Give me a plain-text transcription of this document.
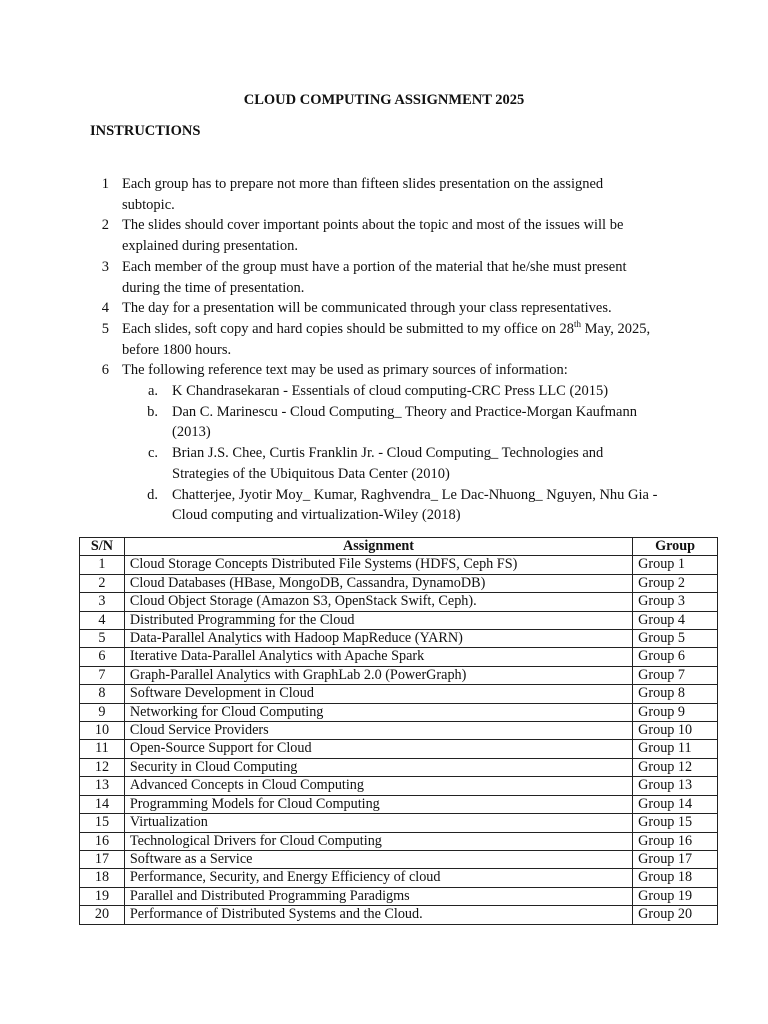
CLOUD COMPUTING ASSIGNMENT 2025
INSTRUCTIONS
1 Each group has to prepare not more than fifteen slides presentation on the assigned subtopic.
2 The slides should cover important points about the topic and most of the issues will be explained during presentation.
3 Each member of the group must have a portion of the material that he/she must present during the time of presentation.
4 The day for a presentation will be communicated through your class representatives.
5 Each slides, soft copy and hard copies should be submitted to my office on 28th May, 2025, before 1800 hours.
6 The following reference text may be used as primary sources of information:
a. K Chandrasekaran - Essentials of cloud computing-CRC Press LLC (2015)
b. Dan C. Marinescu - Cloud Computing_ Theory and Practice-Morgan Kaufmann (2013)
c. Brian J.S. Chee, Curtis Franklin Jr. - Cloud Computing_ Technologies and Strategies of the Ubiquitous Data Center (2010)
d. Chatterjee, Jyotir Moy_ Kumar, Raghvendra_ Le Dac-Nhuong_ Nguyen, Nhu Gia - Cloud computing and virtualization-Wiley (2018)
S/N	Assignment	Group
1	Cloud Storage Concepts Distributed File Systems (HDFS, Ceph FS)	Group 1
2	Cloud Databases (HBase, MongoDB, Cassandra, DynamoDB)	Group 2
3	Cloud Object Storage (Amazon S3, OpenStack Swift, Ceph).	Group 3
4	Distributed Programming for the Cloud	Group 4
5	Data-Parallel Analytics with Hadoop MapReduce (YARN)	Group 5
6	Iterative Data-Parallel Analytics with Apache Spark	Group 6
7	Graph-Parallel Analytics with GraphLab 2.0 (PowerGraph)	Group 7
8	Software Development in Cloud	Group 8
9	Networking for Cloud Computing	Group 9
10	Cloud Service Providers	Group 10
11	Open-Source Support for Cloud	Group 11
12	Security in Cloud Computing	Group 12
13	Advanced Concepts in Cloud Computing	Group 13
14	Programming Models for Cloud Computing	Group 14
15	Virtualization	Group 15
16	Technological Drivers for Cloud Computing	Group 16
17	Software as a Service	Group 17
18	Performance, Security, and Energy Efficiency of cloud	Group 18
19	Parallel and Distributed Programming Paradigms	Group 19
20	Performance of Distributed Systems and the Cloud.	Group 20
